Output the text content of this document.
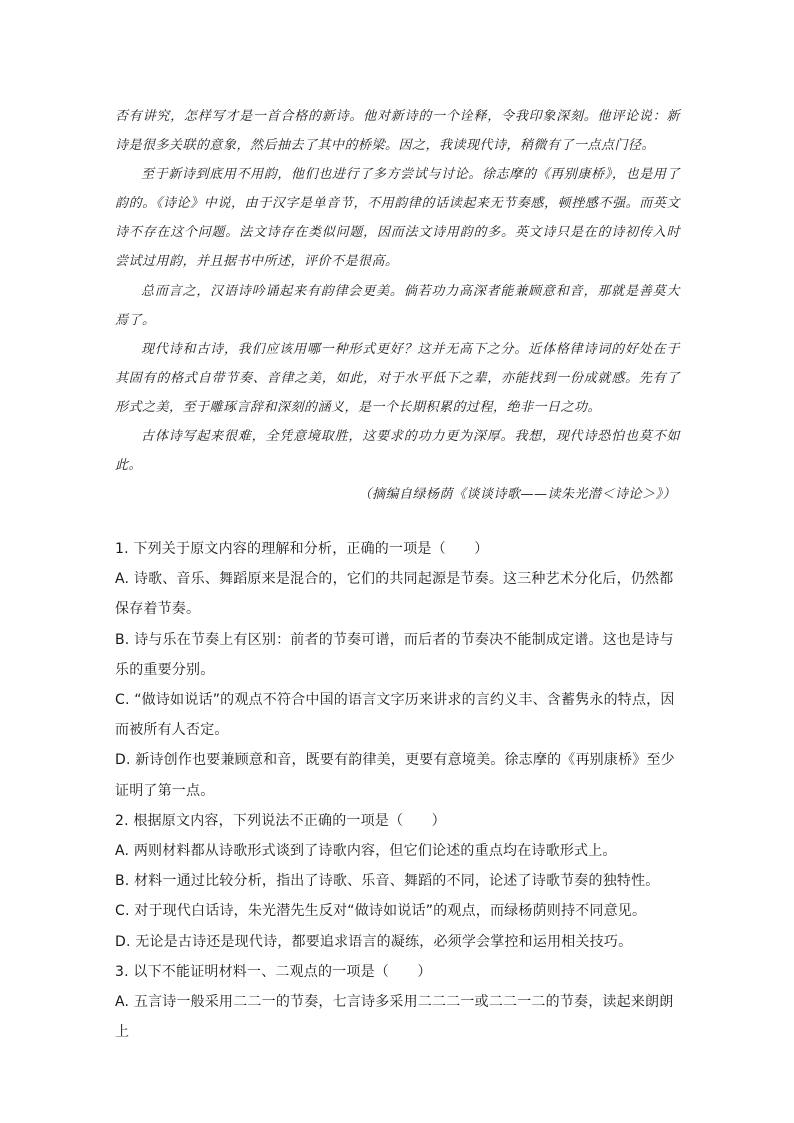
否有讲究，怎样写才是一首合格的新诗。他对新诗的一个诠释，令我印象深刻。他评论说：新诗是很多关联的意象，然后抽去了其中的桥梁。因之，我读现代诗，稍微有了一点点门径。

至于新诗到底用不用韵，他们也进行了多方尝试与讨论。徐志摩的《再别康桥》，也是用了韵的。《诗论》中说，由于汉字是单音节，不用韵律的话读起来无节奏感，顿挫感不强。而英文诗不存在这个问题。法文诗存在类似问题，因而法文诗用韵的多。英文诗只是在的诗初传入时尝试过用韵，并且据书中所述，评价不是很高。

总而言之，汉语诗吟诵起来有韵律会更美。倘若功力高深者能兼顾意和音，那就是善莫大焉了。

现代诗和古诗，我们应该用哪一种形式更好？这并无高下之分。近体格律诗词的好处在于其固有的格式自带节奏、音律之美，如此，对于水平低下之辈，亦能找到一份成就感。先有了形式之美，至于雕琢言辞和深刻的涵义，是一个长期积累的过程，绝非一日之功。

古体诗写起来很难，全凭意境取胜，这要求的功力更为深厚。我想，现代诗恐怕也莫不如此。

（摘编自绿杨荫《谈谈诗歌——读朱光潜＜诗论＞》）

1. 下列关于原文内容的理解和分析，正确的一项是（　　）
A. 诗歌、音乐、舞蹈原来是混合的，它们的共同起源是节奏。这三种艺术分化后，仍然都保存着节奏。
B. 诗与乐在节奏上有区别：前者的节奏可谱，而后者的节奏决不能制成定谱。这也是诗与乐的重要分别。
C. “做诗如说话”的观点不符合中国的语言文字历来讲求的言约义丰、含蓄隽永的特点，因而被所有人否定。
D. 新诗创作也要兼顾意和音，既要有韵律美，更要有意境美。徐志摩的《再别康桥》至少证明了第一点。
2. 根据原文内容，下列说法不正确的一项是（　　）
A. 两则材料都从诗歌形式谈到了诗歌内容，但它们论述的重点均在诗歌形式上。
B. 材料一通过比较分析，指出了诗歌、乐音、舞蹈的不同，论述了诗歌节奏的独特性。
C. 对于现代白话诗，朱光潜先生反对“做诗如说话”的观点，而绿杨荫则持不同意见。
D. 无论是古诗还是现代诗，都要追求语言的凝练，必须学会掌控和运用相关技巧。
3. 以下不能证明材料一、二观点的一项是（　　）
A. 五言诗一般采用二二一的节奏，七言诗多采用二二二一或二二一二的节奏，读起来朗朗上
